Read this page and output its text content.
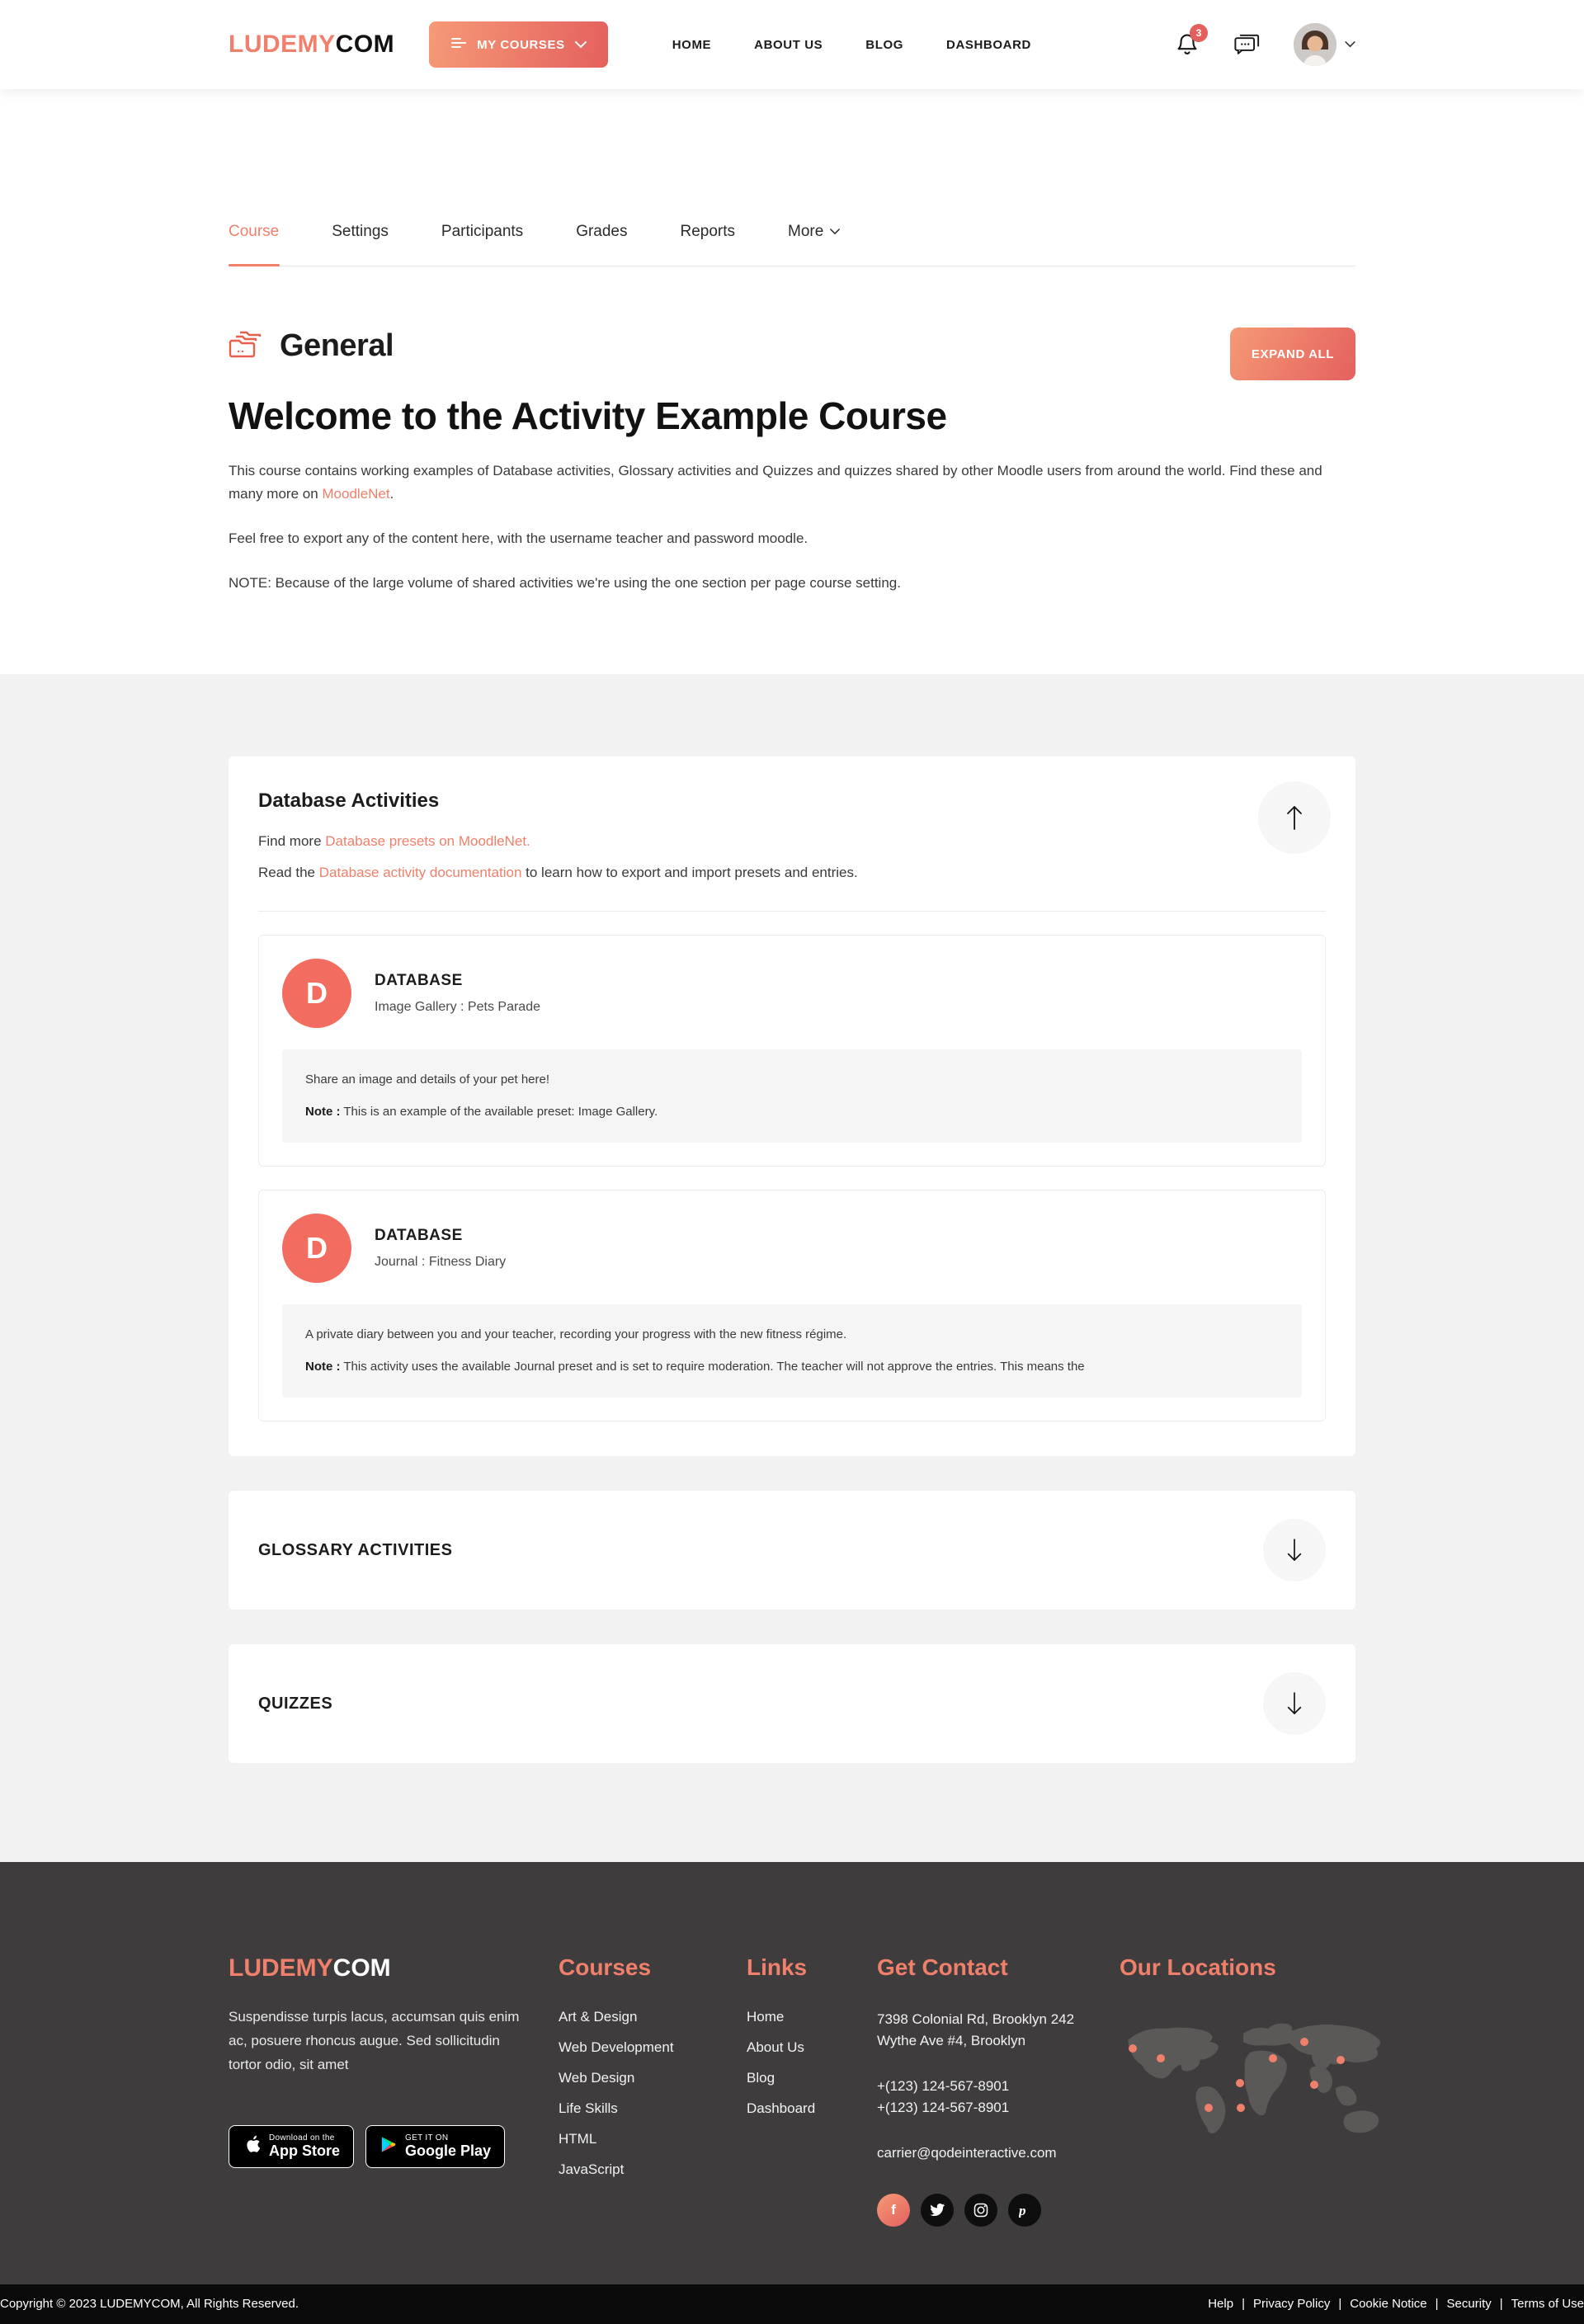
LUDEMYCOM	MY COURSES	HOME	ABOUT US	BLOG	DASHBOARD
3
Course	Settings	Participants	Grades	Reports	More
General	EXPAND ALL
Welcome to the Activity Example Course

This course contains working examples of Database activities, Glossary activities and Quizzes and quizzes shared by other Moodle users from around the world. Find these and many more on MoodleNet.

Feel free to export any of the content here, with the username teacher and password moodle.

NOTE: Because of the large volume of shared activities we're using the one section per page course setting.

Database Activities

Find more Database presets on MoodleNet.

Read the Database activity documentation to learn how to export and import presets and entries.

D	DATABASE
Image Gallery : Pets Parade

Share an image and details of your pet here!

Note : This is an example of the available preset: Image Gallery.

D	DATABASE
Journal : Fitness Diary

A private diary between you and your teacher, recording your progress with the new fitness régime.

Note : This activity uses the available Journal preset and is set to require moderation. The teacher will not approve the entries. This means the

GLOSSARY ACTIVITIES
QUIZZES
LUDEMYCOM

Suspendisse turpis lacus, accumsan quis enim ac, posuere rhoncus augue. Sed sollicitudin tortor odio, sit amet

Download on the
App Store
GET IT ON
Google Play
Courses
Art & Design
Web Development
Web Design
Life Skills
HTML
JavaScript
Links
Home
About Us
Blog
Dashboard
Get Contact

7398 Colonial Rd, Brooklyn 242

Wythe Ave #4, Brooklyn

+(123) 124-567-8901

+(123) 124-567-8901

carrier@qodeinteractive.com

f	p
Our Locations
Copyright © 2023 LUDEMYCOM, All Rights Reserved.	Help | Privacy Policy | Cookie Notice | Security | Terms of Use
